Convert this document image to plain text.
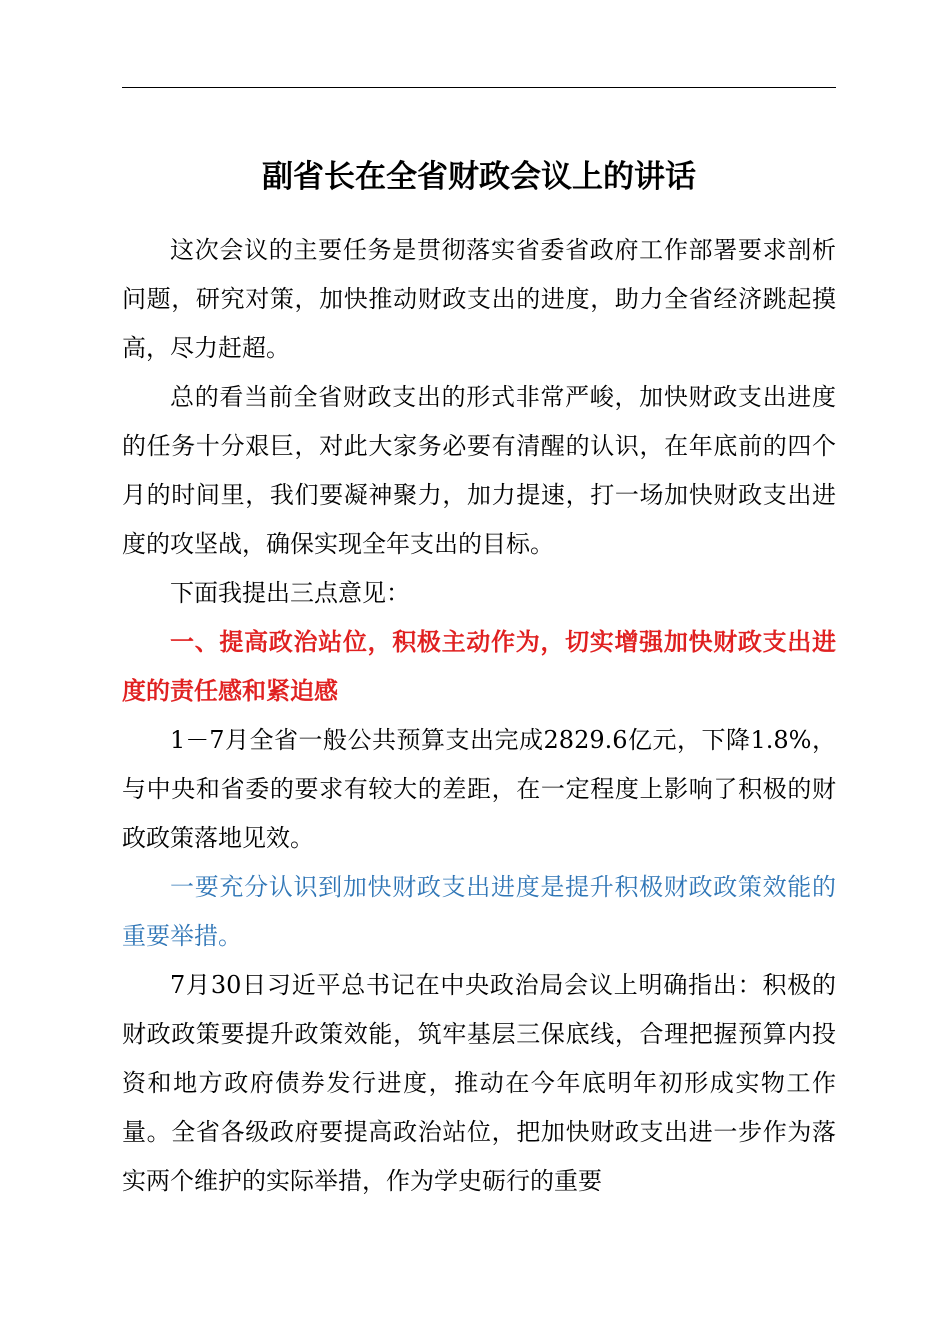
副省长在全省财政会议上的讲话

这次会议的主要任务是贯彻落实省委省政府工作部署要求剖析问题，研究对策，加快推动财政支出的进度，助力全省经济跳起摸高，尽力赶超。

总的看当前全省财政支出的形式非常严峻，加快财政支出进度的任务十分艰巨，对此大家务必要有清醒的认识，在年底前的四个月的时间里，我们要凝神聚力，加力提速，打一场加快财政支出进度的攻坚战，确保实现全年支出的目标。

下面我提出三点意见：

一、提高政治站位，积极主动作为，切实增强加快财政支出进度的责任感和紧迫感

1－7月全省一般公共预算支出完成2829.6亿元，下降1.8%，与中央和省委的要求有较大的差距，在一定程度上影响了积极的财政政策落地见效。

一要充分认识到加快财政支出进度是提升积极财政政策效能的重要举措。

7月30日习近平总书记在中央政治局会议上明确指出：积极的财政政策要提升政策效能，筑牢基层三保底线，合理把握预算内投资和地方政府债券发行进度，推动在今年底明年初形成实物工作量。全省各级政府要提高政治站位，把加快财政支出进一步作为落实两个维护的实际举措，作为学史砺行的重要
